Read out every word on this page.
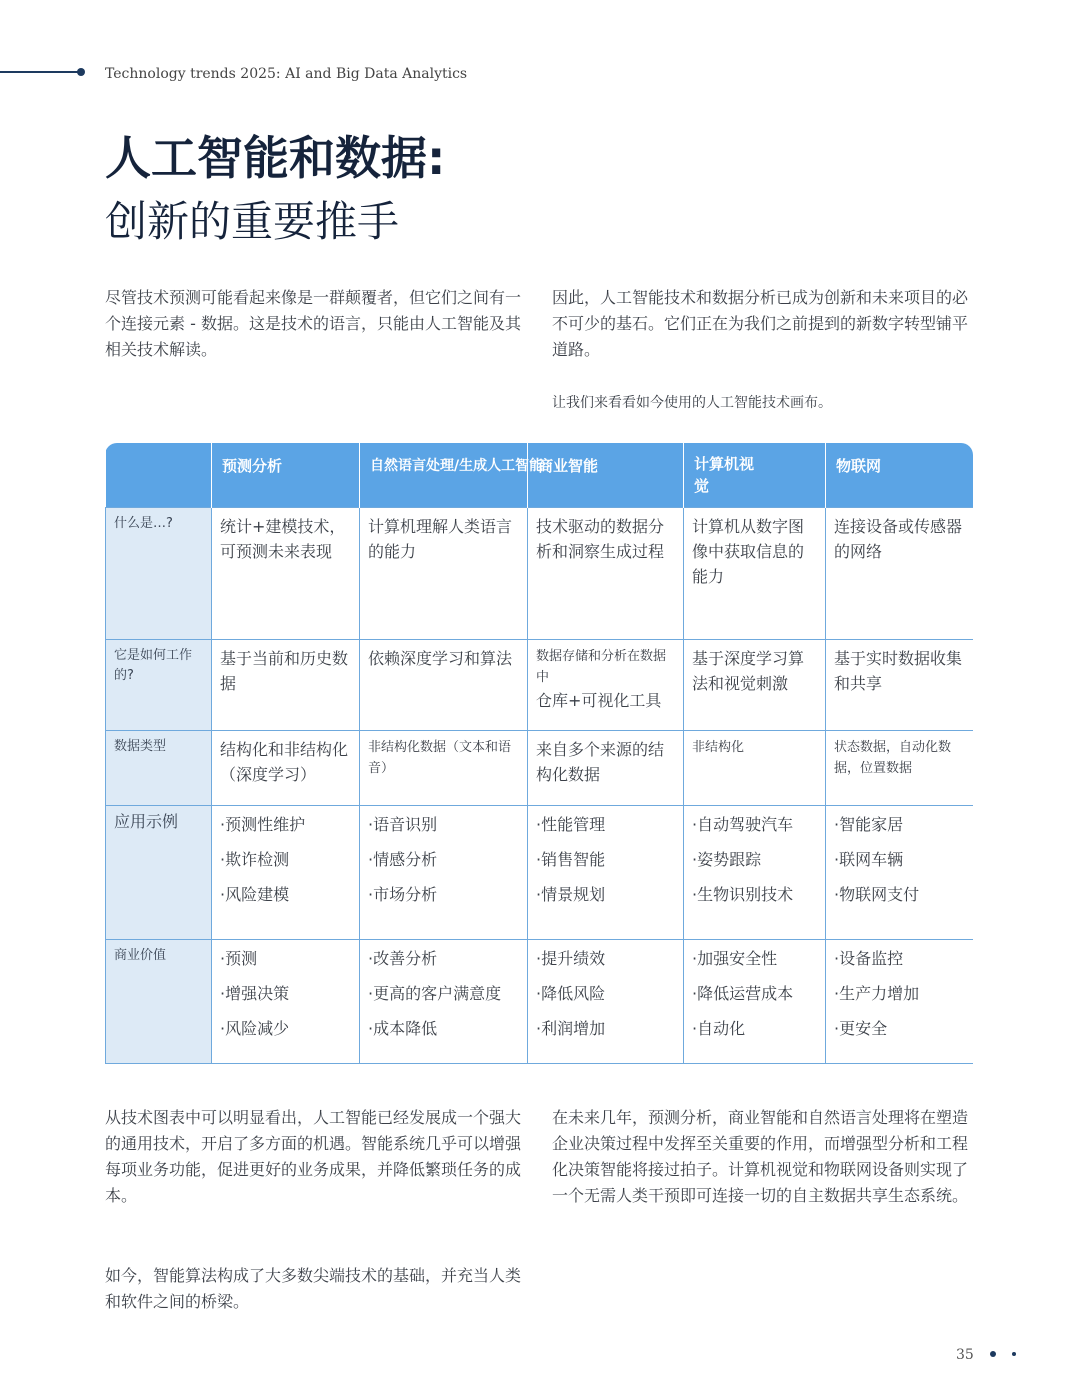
Technology trends 2025: AI and Big Data Analytics
人工智能和数据:
创新的重要推手

尽管技术预测可能看起来像是一群颠覆者，但它们之间有一个连接元素 - 数据。这是技术的语言，只能由人工智能及其相关技术解读。

因此，人工智能技术和数据分析已成为创新和未来项目的必不可少的基石。它们正在为我们之前提到的新数字转型铺平道路。

让我们来看看如今使用的人工智能技术画布。

	预测分析	自然语言处理/生成人工智能	商业智能	计算机视觉	物联网
什么是…?	统计+建模技术，可预测未来表现	计算机理解人类语言的能力	技术驱动的数据分析和洞察生成过程	计算机从数字图像中获取信息的能力	连接设备或传感器的网络

它是如何工作的?	基于当前和历史数据	依赖深度学习和算法	数据存储和分析在数据中
仓库+可视化工具	基于深度学习算法和视觉刺激	基于实时数据收集和共享

数据类型	结构化和非结构化（深度学习）	非结构化数据（文本和语音）	来自多个来源的结构化数据	非结构化	状态数据，自动化数据，位置数据

应用示例	·预测性维护
·欺诈检测
·风险建模	·语音识别
·情感分析
·市场分析	·性能管理
·销售智能
·情景规划	·自动驾驶汽车
·姿势跟踪
·生物识别技术	·智能家居
·联网车辆
·物联网支付

商业价值	·预测
·增强决策
·风险减少	·改善分析
·更高的客户满意度
·成本降低	·提升绩效
·降低风险
·利润增加	·加强安全性
·降低运营成本
·自动化	·设备监控
·生产力增加
·更安全

从技术图表中可以明显看出，人工智能已经发展成一个强大的通用技术，开启了多方面的机遇。智能系统几乎可以增强每项业务功能，促进更好的业务成果，并降低繁琐任务的成本。

在未来几年，预测分析，商业智能和自然语言处理将在塑造企业决策过程中发挥至关重要的作用，而增强型分析和工程化决策智能将接过拍子。计算机视觉和物联网设备则实现了一个无需人类干预即可连接一切的自主数据共享生态系统。

如今，智能算法构成了大多数尖端技术的基础，并充当人类和软件之间的桥梁。

35
